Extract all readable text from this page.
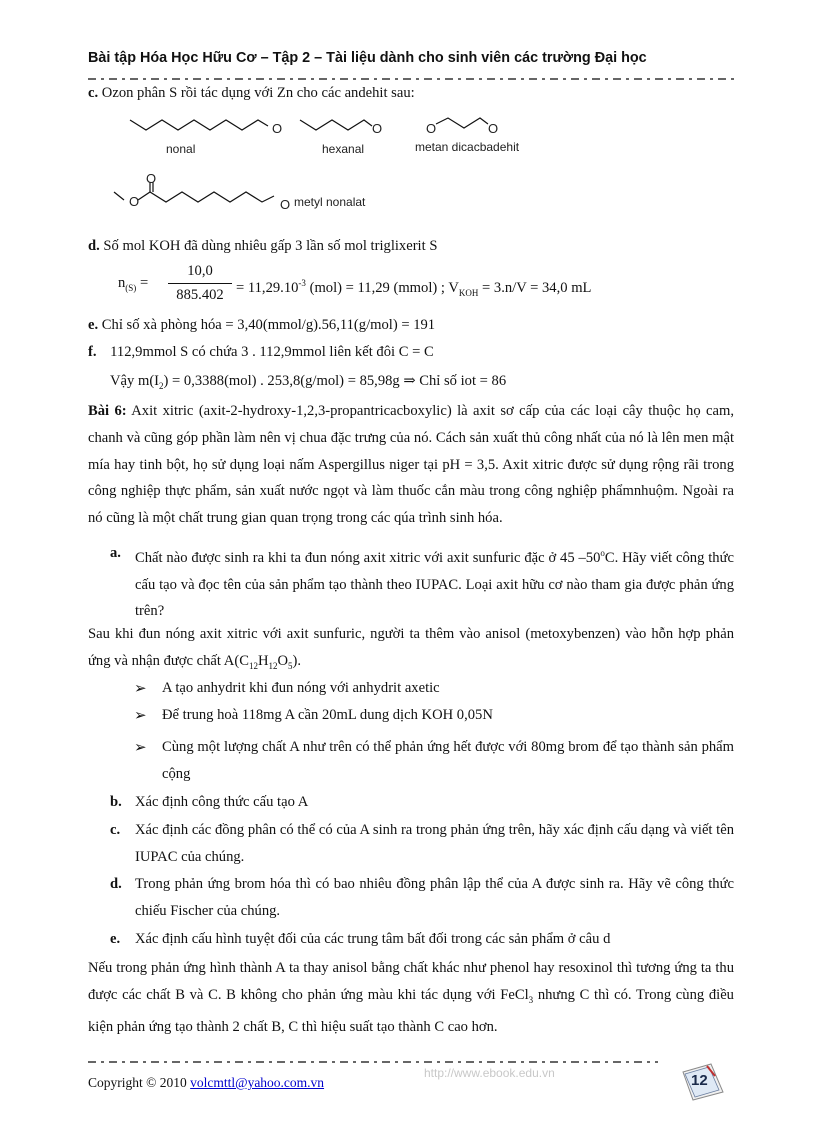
Bài tập Hóa Học Hữu Cơ – Tập 2 – Tài liệu dành cho sinh viên các trường Đại học
c. Ozon phân S rồi tác dụng với Zn cho các andehit sau:
O
nonal
O
hexanal
O	O
metan dicacbadehit
O
O	O metyl nonalat
d. Số mol KOH đã dùng nhiêu gấp 3 lần số mol triglixerit S
$n_{(S)}$ =
10,0
$885.402 = 11,29.10^{-3}$ (mol) = 11,29 (mmol) ; $V_{KOH} = 3.n/V = 34,0$ mL
e. Chỉ số xà phòng hóa = 3,40(mmol/g).56,11(g/mol) = 191
f. 112,9mmol S có chứa 3 . 112,9mmol liên kết đôi C = C
Vậy $m(I_2) = 0,3388(mol)$ . 253,8(g/mol) = 85,98g ⇒ Chỉ số iot = 86
Bài 6: Axit xitric (axit-2-hydroxy-1,2,3-propantricacboxylic) là axit sơ cấp của các loại cây thuộc họ cam, chanh và cũng góp phần làm nên vị chua đặc trưng của nó. Cách sản xuất thủ công nhất của nó là lên men mật mía hay tinh bột, họ sử dụng loại nấm Aspergillus niger tại pH = 3,5. Axit xitric được sử dụng rộng rãi trong công nghiệp thực phẩm, sản xuất nước ngọt và làm thuốc cắn màu trong công nghiệp phẩmnhuộm. Ngoài ra nó cũng là một chất trung gian quan trọng trong các qúa trình sinh hóa.
a. Chất nào được sinh ra khi ta đun nóng axit xitric với axit sunfuric đặc ở 45 –50$^o$C. Hãy viết công thức cấu tạo và đọc tên của sản phẩm tạo thành theo IUPAC. Loại axit hữu cơ nào tham gia được phản ứng trên?
Sau khi đun nóng axit xitric với axit sunfuric, người ta thêm vào anisol (metoxybenzen) vào hỗn hợp phản ứng và nhận được chất $A(C_{12}H_{12}O_5)$.
➢ A tạo anhydrit khi đun nóng với anhydrit axetic
➢ Để trung hoà 118mg A cần 20mL dung dịch KOH 0,05N
➢ Cùng một lượng chất A như trên có thể phản ứng hết được với 80mg brom để tạo thành sản phẩm cộng
b. Xác định công thức cấu tạo A
c. Xác định các đồng phân có thể có của A sinh ra trong phản ứng trên, hãy xác định cấu dạng và viết tên IUPAC của chúng.
d. Trong phản ứng brom hóa thì có bao nhiêu đồng phân lập thể của A được sinh ra. Hãy vẽ công thức chiếu Fischer của chúng.
e. Xác định cấu hình tuyệt đối của các trung tâm bất đối trong các sản phẩm ở câu d
Nếu trong phản ứng hình thành A ta thay anisol bằng chất khác như phenol hay resoxinol thì tương ứng ta thu được các chất B và C. B không cho phản ứng màu khi tác dụng với FeCl$_3$ nhưng C thì có. Trong cùng điều kiện phản ứng tạo thành 2 chất B, C thì hiệu suất tạo thành C cao hơn.
http://www.ebook.edu.vn
Copyright © 2010 volcmttl@yahoo.com.vn	12
